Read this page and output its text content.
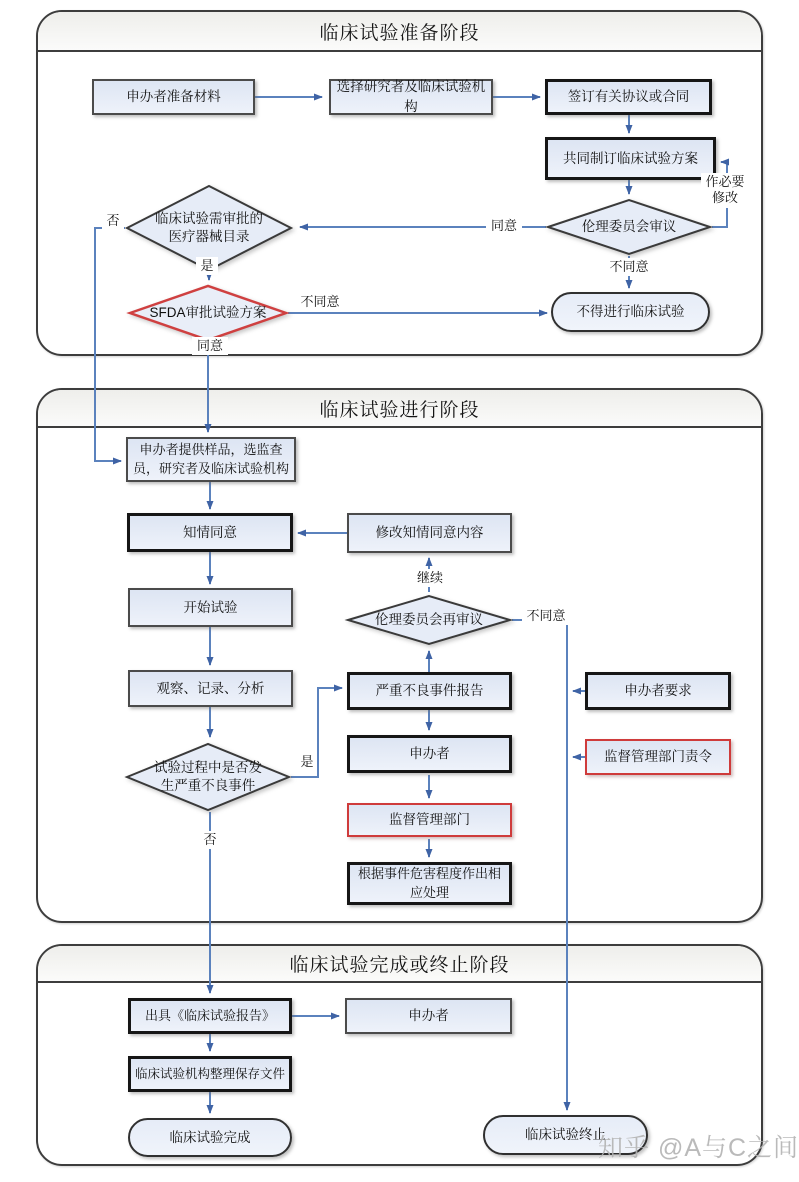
临床试验准备阶段
临床试验进行阶段
临床试验完成或终止阶段
申办者准备材料
选择研究者及临床试验机构
签订有关协议或合同
共同制订临床试验方案
伦理委员会审议
临床试验需审批的医疗器械目录
SFDA审批试验方案	不得进行临床试验
同意
不同意
作必要修改
否
是
不同意
同意
申办者提供样品，选监查员，研究者及临床试验机构
知情同意	修改知情同意内容
开始试验
观察、记录、分析
伦理委员会再审议
严重不良事件报告
试验过程中是否发生严重不良事件
申办者
监督管理部门
根据事件危害程度作出相应处理
申办者要求
监督管理部门责令
继续
不同意
是
否
出具《临床试验报告》	申办者
临床试验机构整理保存文件
临床试验完成	临床试验终止
知乎 @A与C之间
